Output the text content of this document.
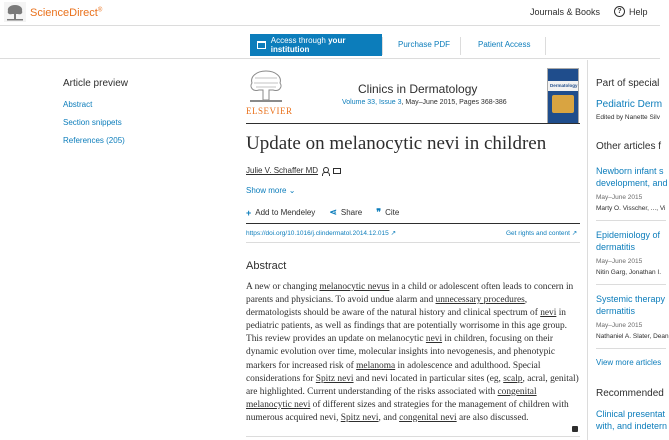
ScienceDirect®	Journals & Books	? Help
Access through your institution
Purchase PDF	Patient Access
Article preview
Abstract
Section snippets
References (205)
ELSEVIER
Clinics in Dermatology
Volume 33, Issue 3, May–June 2015, Pages 368-386
Dermatology
Update on melanocytic nevi in children
Julie V. Schaffer MD
Show more ⌄
+ Add to Mendeley ⋖ Share ❞ Cite
https://doi.org/10.1016/j.clindermatol.2014.12.015 ↗	Get rights and content ↗
Abstract
A new or changing melanocytic nevus in a child or adolescent often leads to concern in
parents and physicians. To avoid undue alarm and unnecessary procedures,
dermatologists should be aware of the natural history and clinical spectrum of nevi in
pediatric patients, as well as findings that are potentially worrisome in this age group.
This review provides an update on melanocytic nevi in children, focusing on their
dynamic evolution over time, molecular insights into nevogenesis, and phenotypic
markers for increased risk of melanoma in adolescence and adulthood. Special
considerations for Spitz nevi and nevi located in particular sites (eg, scalp, acral, genital)
are highlighted. Current understanding of the risks associated with congenital
melanocytic nevi of different sizes and strategies for the management of children with
numerous acquired nevi, Spitz nevi, and congenital nevi are also discussed.
Part of special
Pediatric Derm
Edited by Nanette Silv
Other articles f
Newborn infant s
development, and
May–June 2015
Marty O. Visscher, ..., Vi
Epidemiology of
dermatitis
May–June 2015
Nitin Garg, Jonathan I.
Systemic therapy
dermatitis
May–June 2015
Nathaniel A. Slater, Dean
View more articles
Recommended
Clinical presentat
with, and indetern
